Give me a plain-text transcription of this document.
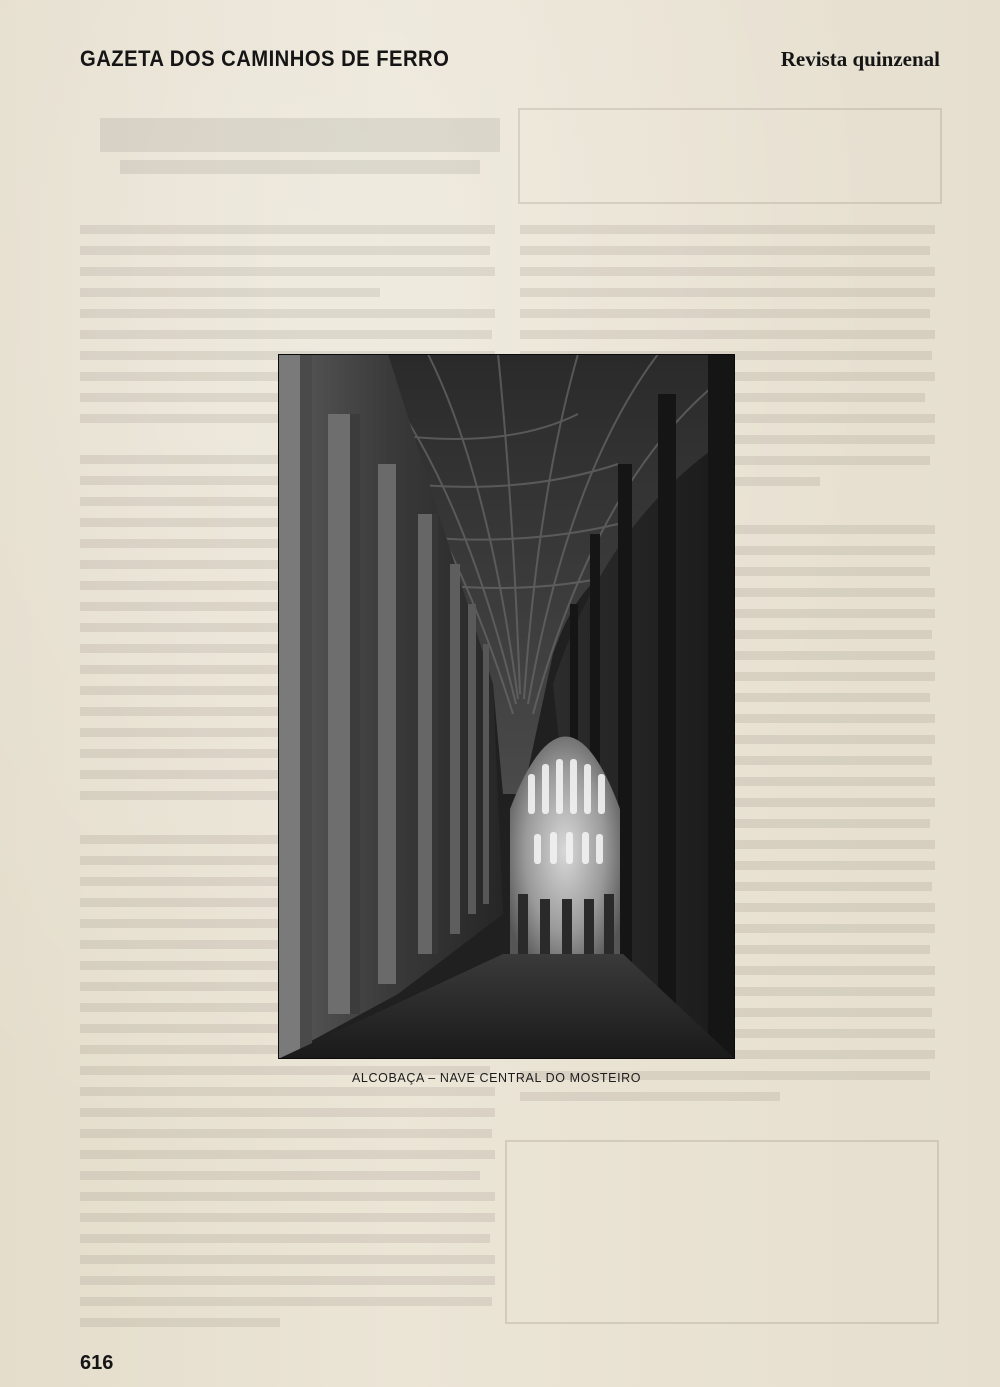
GAZETA DOS CAMINHOS DE FERRO	Revista quinzenal
ALCOBAÇA – NAVE CENTRAL DO MOSTEIRO
616
